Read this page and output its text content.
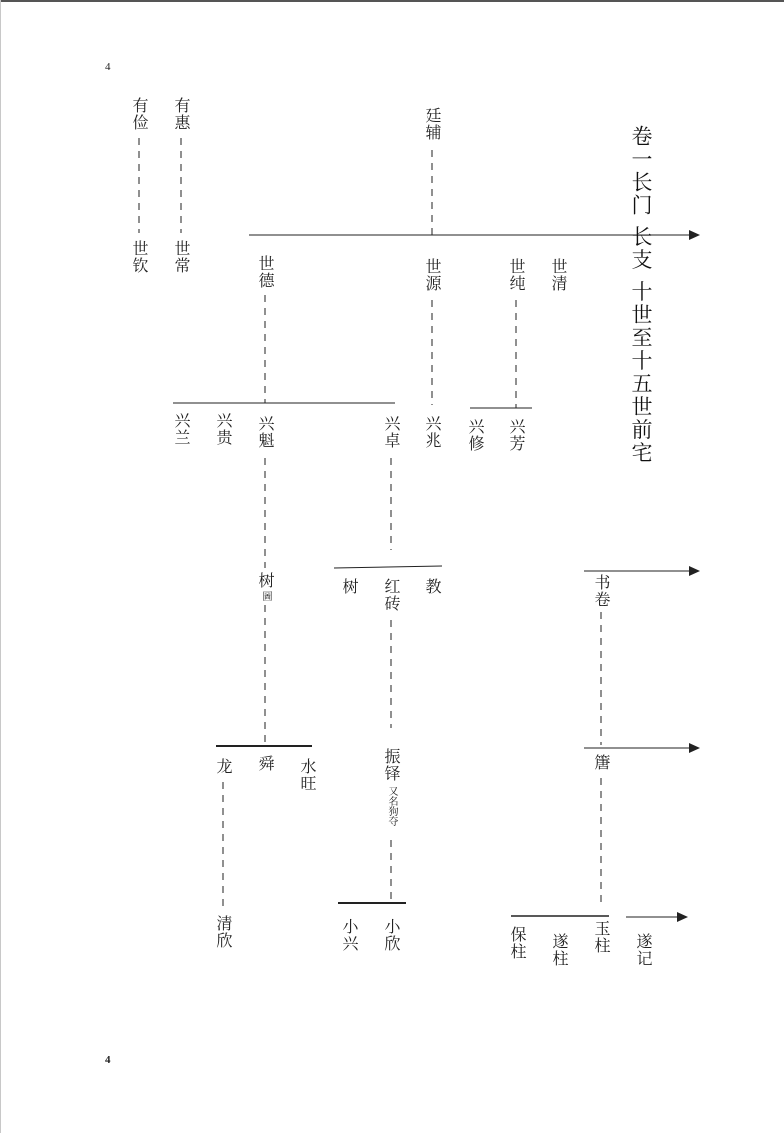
4
4
卷一长门 长支 十世至十五世前宅
有俭 有惠	廷辅
世钦 世常	世德	世源	世纯 世清
兴兰 兴贵 兴魁	兴卓 兴兆 兴修 兴芳
树
树
圖	红砖 教	书卷
龙 舜 水旺	振铎
又名狗夺
篖
清欣	小兴 小欣	保柱 遂柱 玉柱 遂记
